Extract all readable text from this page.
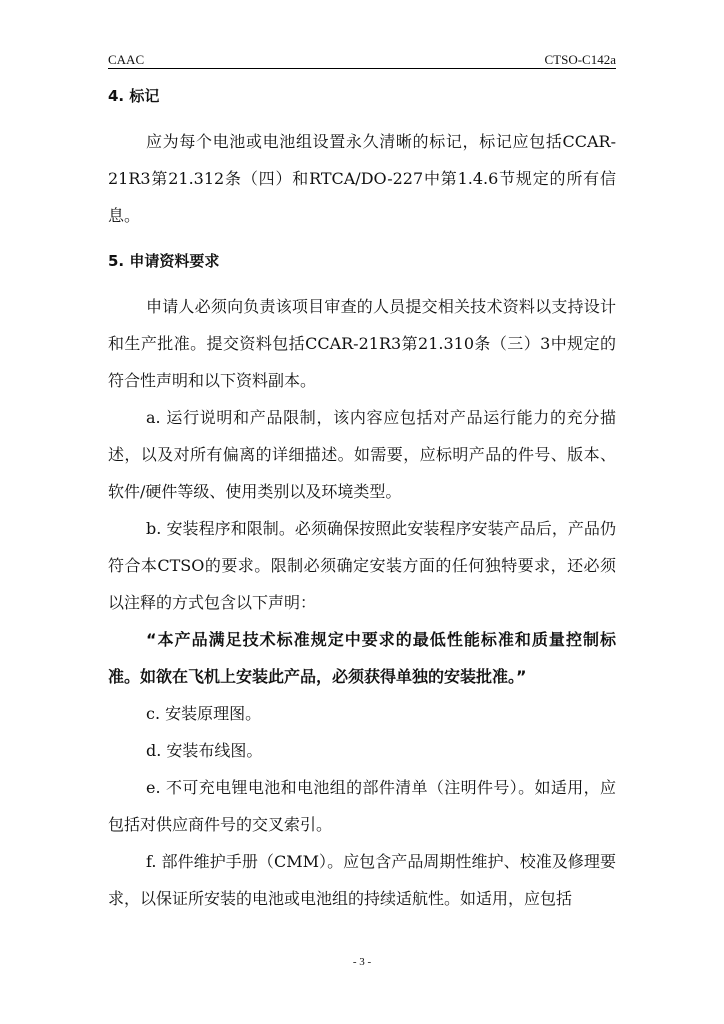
CAAC	CTSO-C142a
4. 标记

应为每个电池或电池组设置永久清晰的标记，标记应包括CCAR-21R3第21.312条（四）和RTCA/DO-227中第1.4.6节规定的所有信息。

5. 申请资料要求

申请人必须向负责该项目审查的人员提交相关技术资料以支持设计和生产批准。提交资料包括CCAR-21R3第21.310条（三）3中规定的符合性声明和以下资料副本。

a. 运行说明和产品限制，该内容应包括对产品运行能力的充分描述，以及对所有偏离的详细描述。如需要，应标明产品的件号、版本、软件/硬件等级、使用类别以及环境类型。

b. 安装程序和限制。必须确保按照此安装程序安装产品后，产品仍符合本CTSO的要求。限制必须确定安装方面的任何独特要求，还必须以注释的方式包含以下声明：

“本产品满足技术标准规定中要求的最低性能标准和质量控制标准。如欲在飞机上安装此产品，必须获得单独的安装批准。”

c. 安装原理图。

d. 安装布线图。

e. 不可充电锂电池和电池组的部件清单（注明件号）。如适用，应包括对供应商件号的交叉索引。

f. 部件维护手册（CMM）。应包含产品周期性维护、校准及修理要求，以保证所安装的电池或电池组的持续适航性。如适用，应包括

- 3 -
